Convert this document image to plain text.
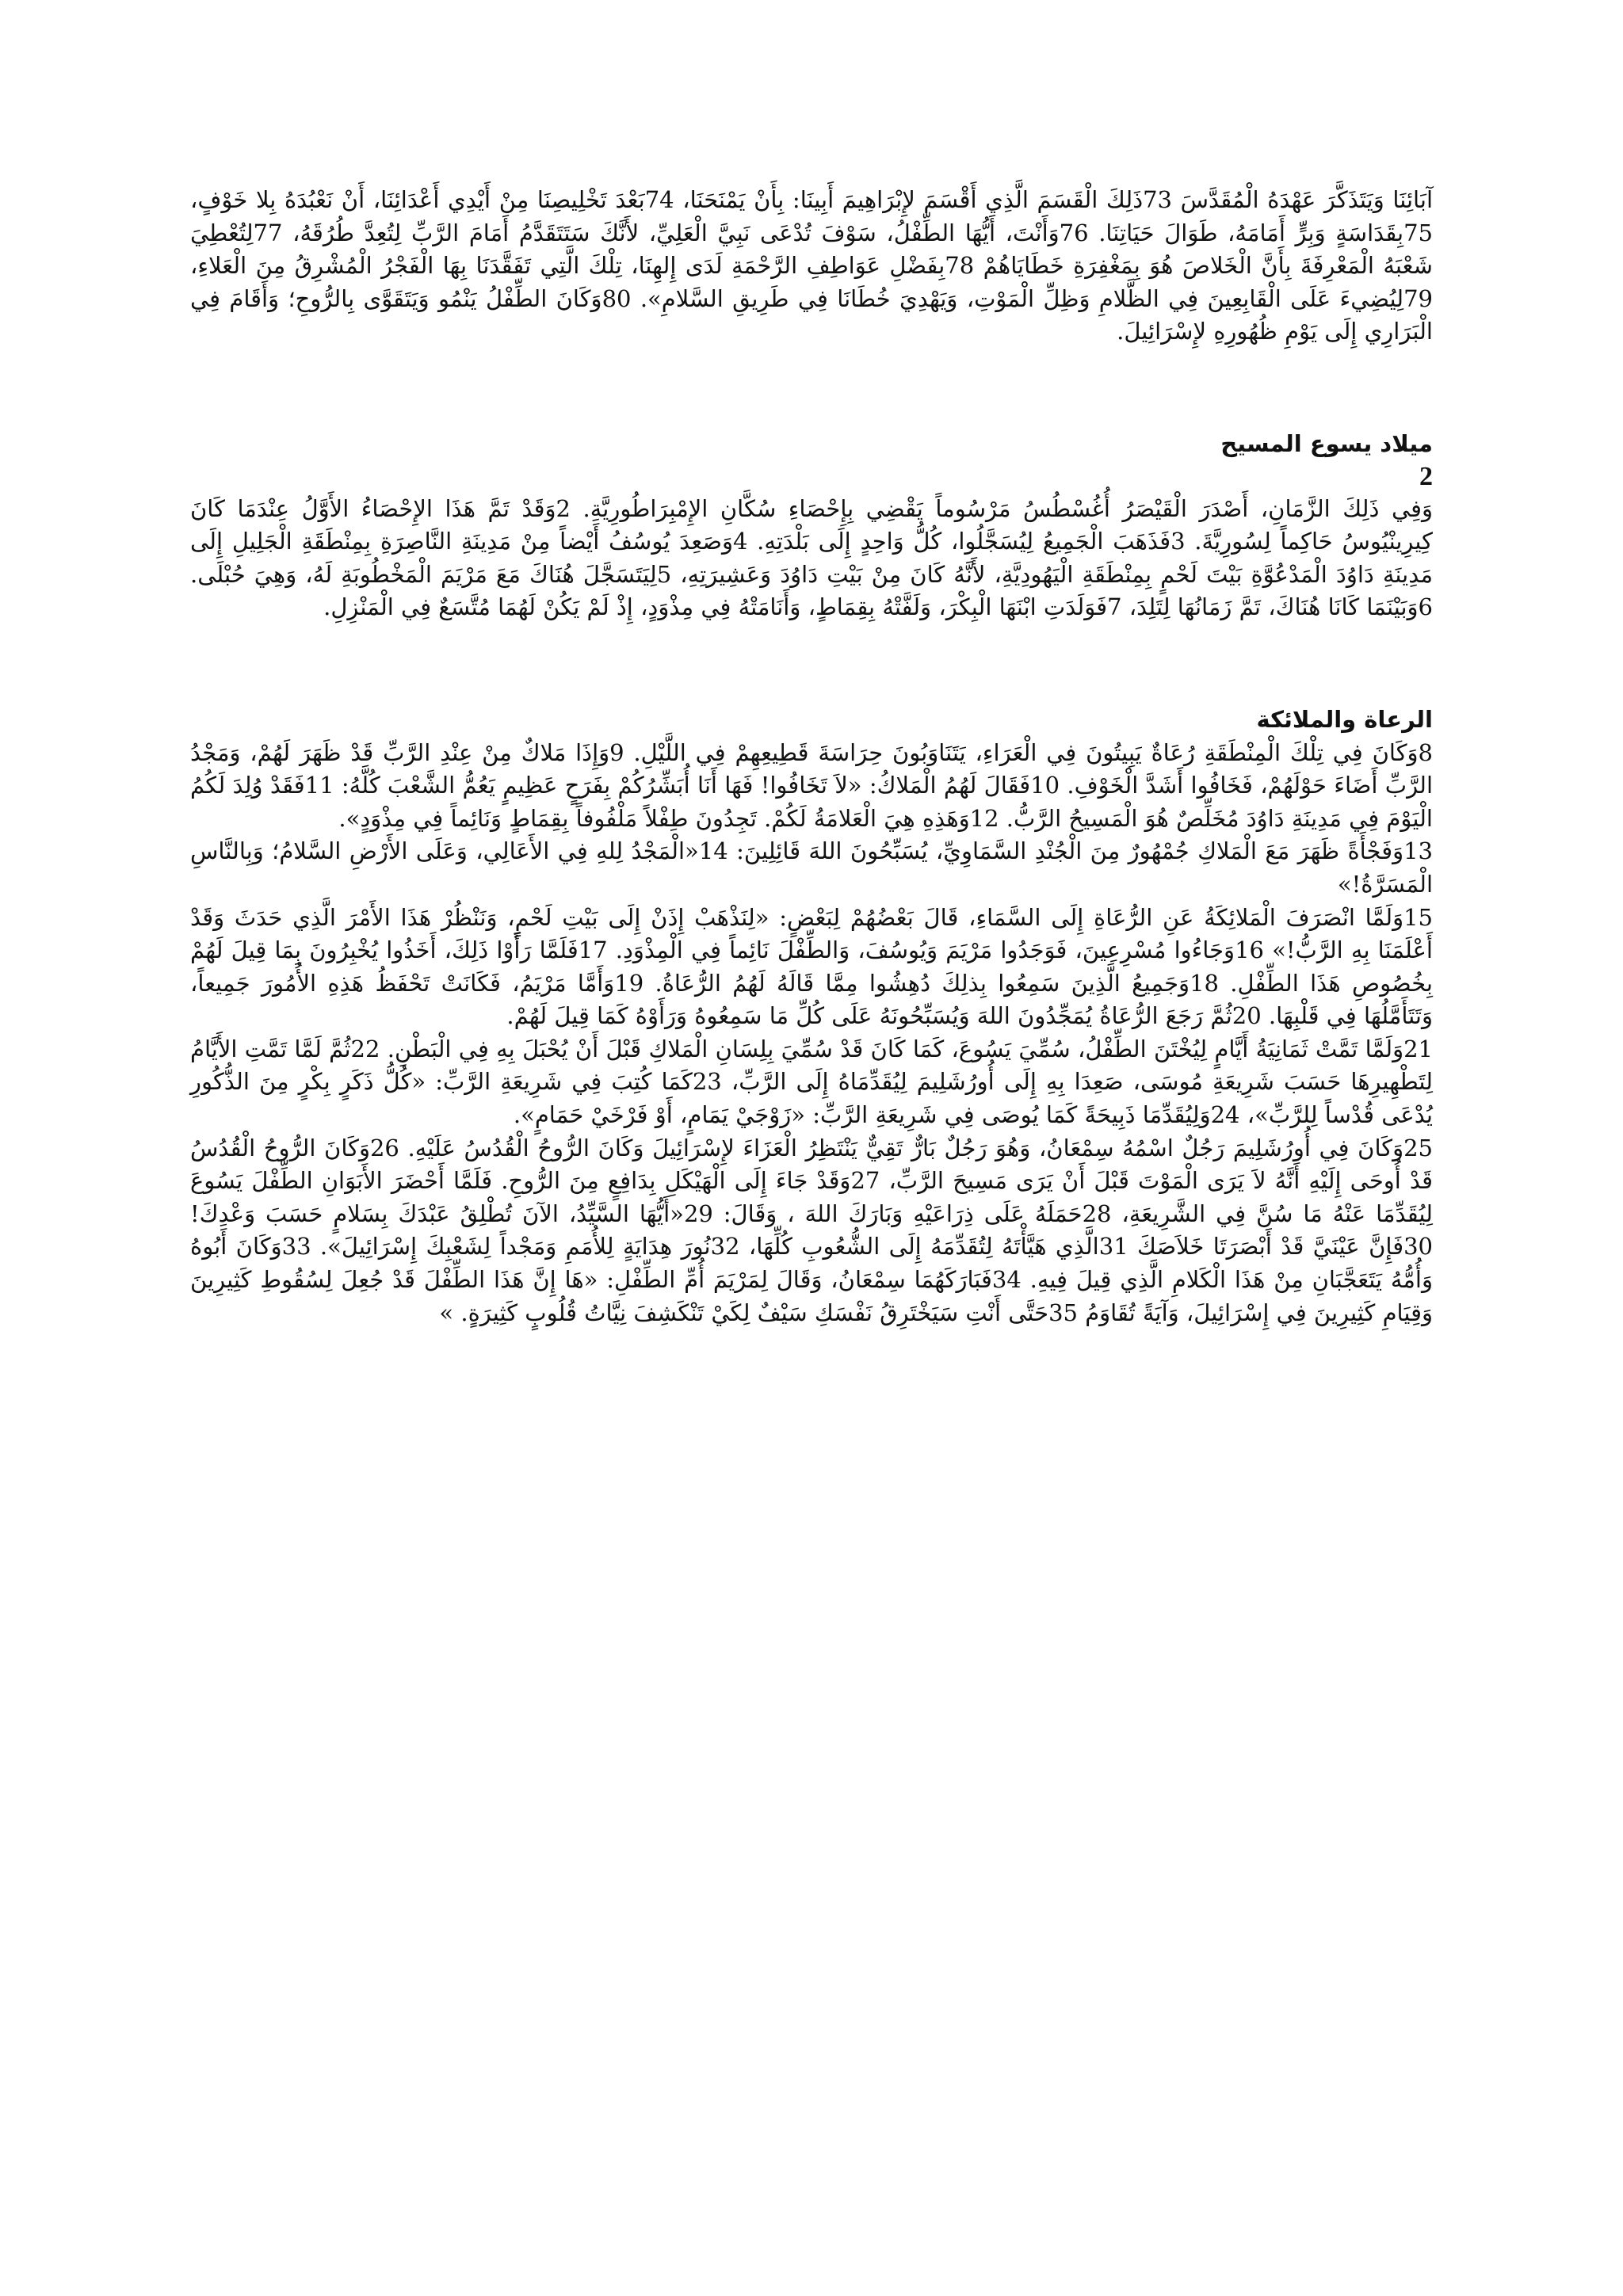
آبَائِنَا وَيَتَذَكَّرَ عَهْدَهُ الْمُقَدَّسَ 73ذَلِكَ الْقَسَمَ الَّذِي أَقْسَمَ لإِبْرَاهِيمَ أَبِينَا: بِأَنْ يَمْنَحَنَا، 74بَعْدَ تَخْلِيصِنَا مِنْ أَيْدِي أَعْدَائِنَا، أَنْ نَعْبُدَهُ بِلا خَوْفٍ، 75بِقَدَاسَةٍ وَبِرٍّ أَمَامَهُ، طَوَالَ حَيَاتِنَا. 76وَأَنْتَ، أَيُّهَا الطِّفْلُ، سَوْفَ تُدْعَى نَبِيَّ الْعَلِيِّ، لأَنَّكَ سَتَتَقَدَّمُ أَمَامَ الرَّبِّ لِتُعِدَّ طُرُقَهُ، 77لِتُعْطِيَ شَعْبَهُ الْمَعْرِفَةَ بِأَنَّ الْخَلاصَ هُوَ بِمَغْفِرَةِ خَطَايَاهُمْ 78بِفَضْلِ عَوَاطِفِ الرَّحْمَةِ لَدَى إِلهِنَا، تِلْكَ الَّتِي تَفَقَّدَنَا بِهَا الْفَجْرُ الْمُشْرِقُ مِنَ الْعَلاءِ، 79لِيُضِيءَ عَلَى الْقَابِعِينَ فِي الظَّلامِ وَظِلِّ الْمَوْتِ، وَيَهْدِيَ خُطَانَا فِي طَرِيقِ السَّلامِ». 80وَكَانَ الطِّفْلُ يَنْمُو وَيَتَقَوَّى بِالرُّوحِ؛ وَأَقَامَ فِي الْبَرَارِي إِلَى يَوْمِ ظُهُورِهِ لإِسْرَائِيلَ.

ميلاد يسوع المسيح
2

وَفِي ذَلِكَ الزَّمَانِ، أَصْدَرَ الْقَيْصَرُ أُغُسْطُسُ مَرْسُوماً يَقْضِي بِإِحْصَاءِ سُكَّانِ الإِمْبِرَاطُورِيَّةِ. 2وَقَدْ تَمَّ هَذَا الإِحْصَاءُ الأَوَّلُ عِنْدَمَا كَانَ كِيرِينْيُوسُ حَاكِماً لِسُورِيَّةَ. 3فَذَهَبَ الْجَمِيعُ لِيُسَجَّلُوا، كُلُّ وَاحِدٍ إِلَى بَلْدَتِهِ. 4وَصَعِدَ يُوسُفُ أَيْضاً مِنْ مَدِينَةِ النَّاصِرَةِ بِمِنْطَقَةِ الْجَلِيلِ إِلَى مَدِينَةِ دَاوُدَ الْمَدْعُوَّةِ بَيْتَ لَحْمٍ بِمِنْطَقَةِ الْيَهُودِيَّةِ، لأَنَّهُ كَانَ مِنْ بَيْتِ دَاوُدَ وَعَشِيرَتِهِ، 5لِيَتَسَجَّلَ هُنَاكَ مَعَ مَرْيَمَ الْمَخْطُوبَةِ لَهُ، وَهِيَ حُبْلَى. 6وَبَيْنَمَا كَانَا هُنَاكَ، تَمَّ زَمَانُهَا لِتَلِدَ، 7فَوَلَدَتِ ابْنَهَا الْبِكْرَ، وَلَفَّتْهُ بِقِمَاطٍ، وَأَنَامَتْهُ فِي مِذْوَدٍ، إِذْ لَمْ يَكُنْ لَهُمَا مُتَّسَعٌ فِي الْمَنْزِلِ.

الرعاة والملائكة

8وَكَانَ فِي تِلْكَ الْمِنْطَقَةِ رُعَاةٌ يَبِيتُونَ فِي الْعَرَاءِ، يَتَنَاوَبُونَ حِرَاسَةَ قَطِيعِهِمْ فِي اللَّيْلِ. 9وَإِذَا مَلاكٌ مِنْ عِنْدِ الرَّبِّ قَدْ ظَهَرَ لَهُمْ، وَمَجْدُ الرَّبِّ أَضَاءَ حَوْلَهُمْ، فَخَافُوا أَشَدَّ الْخَوْفِ. 10فَقَالَ لَهُمُ الْمَلاكُ: «لاَ تَخَافُوا! فَهَا أَنَا أُبَشِّرُكُمْ بِفَرَحٍ عَظِيمٍ يَعُمُّ الشَّعْبَ كُلَّهُ: 11فَقَدْ وُلِدَ لَكُمُ الْيَوْمَ فِي مَدِينَةِ دَاوُدَ مُخَلِّصٌ هُوَ الْمَسِيحُ الرَّبُّ. 12وَهَذِهِ هِيَ الْعَلامَةُ لَكُمْ. تَجِدُونَ طِفْلاً مَلْفُوفاً بِقِمَاطٍ وَنَائِماً فِي مِذْوَدٍ».

13وَفَجْأَةً ظَهَرَ مَعَ الْمَلاكِ جُمْهُورٌ مِنَ الْجُنْدِ السَّمَاوِيِّ، يُسَبِّحُونَ اللهَ قَائِلِينَ: 14«الْمَجْدُ لِلهِ فِي الأَعَالِي، وَعَلَى الأَرْضِ السَّلامُ؛ وَبِالنَّاسِ الْمَسَرَّةُ!»

15وَلَمَّا انْصَرَفَ الْمَلائِكَةُ عَنِ الرُّعَاةِ إِلَى السَّمَاءِ، قَالَ بَعْضُهُمْ لِبَعْضٍ: «لِنَذْهَبْ إِذَنْ إِلَى بَيْتِ لَحْمٍ، وَنَنْظُرْ هَذَا الأَمْرَ الَّذِي حَدَثَ وَقَدْ أَعْلَمَنَا بِهِ الرَّبُّ!» 16وَجَاءُوا مُسْرِعِينَ، فَوَجَدُوا مَرْيَمَ وَيُوسُفَ، وَالطِّفْلَ نَائِماً فِي الْمِذْوَدِ. 17فَلَمَّا رَأَوْا ذَلِكَ، أَخَذُوا يُخْبِرُونَ بِمَا قِيلَ لَهُمْ بِخُصُوصِ هَذَا الطِّفْلِ. 18وَجَمِيعُ الَّذِينَ سَمِعُوا بِذلِكَ دُهِشُوا مِمَّا قَالَهُ لَهُمُ الرُّعَاةُ. 19وَأَمَّا مَرْيَمُ، فَكَانَتْ تَحْفَظُ هَذِهِ الأُمُورَ جَمِيعاً، وَتَتَأَمَّلُهَا فِي قَلْبِهَا. 20ثُمَّ رَجَعَ الرُّعَاةُ يُمَجِّدُونَ اللهَ وَيُسَبِّحُونَهُ عَلَى كُلِّ مَا سَمِعُوهُ وَرَأَوْهُ كَمَا قِيلَ لَهُمْ.

21وَلَمَّا تَمَّتْ ثَمَانِيَةُ أَيَّامٍ لِيُخْتَنَ الطِّفْلُ، سُمِّيَ يَسُوعَ، كَمَا كَانَ قَدْ سُمِّيَ بِلِسَانِ الْمَلاكِ قَبْلَ أَنْ يُحْبَلَ بِهِ فِي الْبَطْنِ. 22ثُمَّ لَمَّا تَمَّتِ الأَيَّامُ لِتَطْهِيرِهَا حَسَبَ شَرِيعَةِ مُوسَى، صَعِدَا بِهِ إِلَى أُورُشَلِيمَ لِيُقَدِّمَاهُ إِلَى الرَّبِّ، 23كَمَا كُتِبَ فِي شَرِيعَةِ الرَّبِّ: «كُلُّ ذَكَرٍ بِكْرٍ مِنَ الذُّكُورِ يُدْعَى قُدْساً لِلرَّبِّ»، 24وَلِيُقَدِّمَا ذَبِيحَةً كَمَا يُوصَى فِي شَرِيعَةِ الرَّبِّ: «زَوْجَيْ يَمَامٍ، أَوْ فَرْخَيْ حَمَامٍ».

25وَكَانَ فِي أُورُشَلِيمَ رَجُلٌ اسْمُهُ سِمْعَانُ، وَهُوَ رَجُلٌ بَارٌّ تَقِيٌّ يَنْتَظِرُ الْعَزَاءَ لإِسْرَائِيلَ وَكَانَ الرُّوحُ الْقُدُسُ عَلَيْهِ. 26وَكَانَ الرُّوحُ الْقُدُسُ قَدْ أُوحَى إِلَيْهِ أَنَّهُ لاَ يَرَى الْمَوْتَ قَبْلَ أَنْ يَرَى مَسِيحَ الرَّبِّ، 27وَقَدْ جَاءَ إِلَى الْهَيْكَلِ بِدَافِعٍ مِنَ الرُّوحِ. فَلَمَّا أَحْضَرَ الأَبَوَانِ الطِّفْلَ يَسُوعَ لِيُقَدِّمَا عَنْهُ مَا سُنَّ فِي الشَّرِيعَةِ، 28حَمَلَهُ عَلَى ذِرَاعَيْهِ وَبَارَكَ اللهَ ، وَقَالَ: 29«أَيُّهَا السَّيِّدُ، الآنَ تُطْلِقُ عَبْدَكَ بِسَلامٍ حَسَبَ وَعْدِكَ! 30فَإِنَّ عَيْنَيَّ قَدْ أَبْصَرَتَا خَلاَصَكَ 31الَّذِي هَيَّأْتَهُ لِتُقَدِّمَهُ إِلَى الشُّعُوبِ كُلِّهَا، 32نُورَ هِدَايَةٍ لِلأُمَمِ وَمَجْداً لِشَعْبِكَ إِسْرَائِيلَ». 33وَكَانَ أَبُوهُ وَأُمُّهُ يَتَعَجَّبَانِ مِنْ هَذَا الْكَلامِ الَّذِي قِيلَ فِيهِ. 34فَبَارَكَهُمَا سِمْعَانُ، وَقَالَ لِمَرْيَمَ أُمِّ الطِّفْلِ: «هَا إِنَّ هَذَا الطِّفْلَ قَدْ جُعِلَ لِسُقُوطِ كَثِيرِينَ وَقِيَامِ كَثِيرِينَ فِي إِسْرَائِيلَ، وَآيَةً تُقَاوَمُ 35حَتَّى أَنْتِ سَيَخْتَرِقُ نَفْسَكِ سَيْفٌ لِكَيْ تَنْكَشِفَ نِيَّاتُ قُلُوبٍ كَثِيرَةٍ. »
